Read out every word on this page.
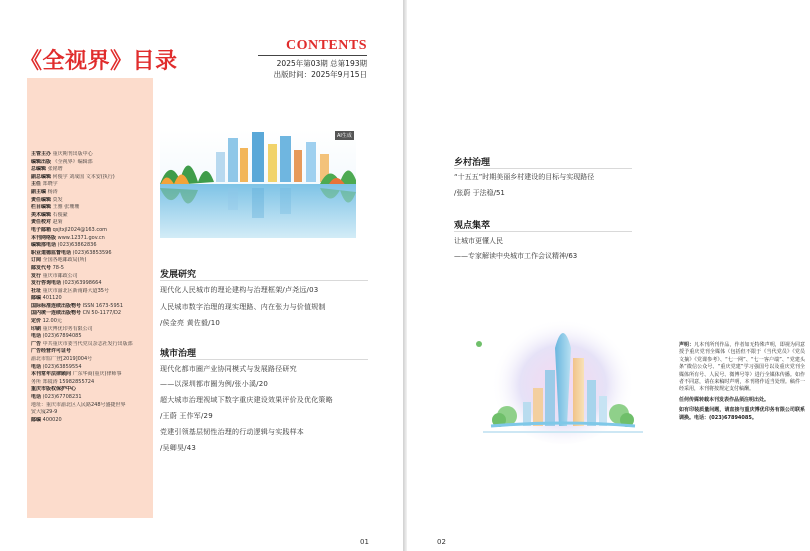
《全视界》目录
CONTENTS
2025年第03期 总第193期
出版时间：2025年9月15日
主管主办 重庆期刊出版中心
编辑出版 《全视界》编辑部
总编辑 张铭增
副总编辑 何俊宇 刘成国 文本安(执行)
主任 郑晓宇
副主编 杨涛
责任编辑 莫发
栏目编辑 王雅 张珊珊
美术编辑 石俊豪
责任校对 赵菊
电子邮箱 qsjtxjl2024@163.com
本刊网络版 www.12371.gov.cn
编辑部电话 (023)63862836
职业道德监督电话 (023)63853596
订阅 全国各地邮政局(所)
邮发代号 78-5
发行 重庆市邮政公司
发行咨询电话 (023)63998664
社址 重庆市渝北区新南路大道35号
邮编 401120
国际标准连续出版物号 ISSN 1673-5951
国内统一连续出版物号 CN 50-1177/D2
定价 12.00元
印刷 重庆博优印务有限公司
电话 (023)67894085
广告 中共重庆市委当代党员杂志社发行出版部
广告经营许可证号
渝北市监广登[2019]004号
电话 (023)63859554
本刊常年法律顾问 广东华商(重庆)律师事
务所 郑镜涛 15982855724
重庆市版权保护中心
电话 (023)67708231
地址：重庆市渝北区人民路248号盛捷世界
贸大厦29-9
邮编 400020
AI生成
发展研究
现代化人民城市的理论建构与治理框架/卢尧远/03
人民城市数字治理的现实理路、内在张力与价值规制
/侯金亮 黄佐毅/10
城市治理
现代化都市圈产业协同模式与发展路径研究
——以深圳都市圈为例/张小溪/20
超大城市治理视域下数字重庆建设效果评价及优化策略
/王蔚 王作军/29
党建引领基层韧性治理的行动逻辑与实践样本
/吴卿昊/43
01
乡村治理
“十五五”时期美丽乡村建设的目标与实现路径
/张蔚 于法稳/51
观点集萃
让城市更懂人民
——专家解读中央城市工作会议精神/63
声明：凡本刊所刊作品，作者如无特殊声明，即视为同意授予重庆党刊全媒体（包括但不限于《当代党员》《党员文摘》《党课参考》、“七一网”、“七一客户端”、“党建头条”微信公众号、“重庆党建”学习强国号以及重庆党刊全媒体所有号、人民号、微博号等）进行全媒体传播。如作者不同意，请在来稿时声明，本刊将作适当处理。稿件一经采用，本刊将按规定支付稿酬。
任何传媒转载本刊发表作品须注明出处。
如有印装质量问题，请直接与重庆博优印务有限公司联系调换。电话：(023)67894085。
02
